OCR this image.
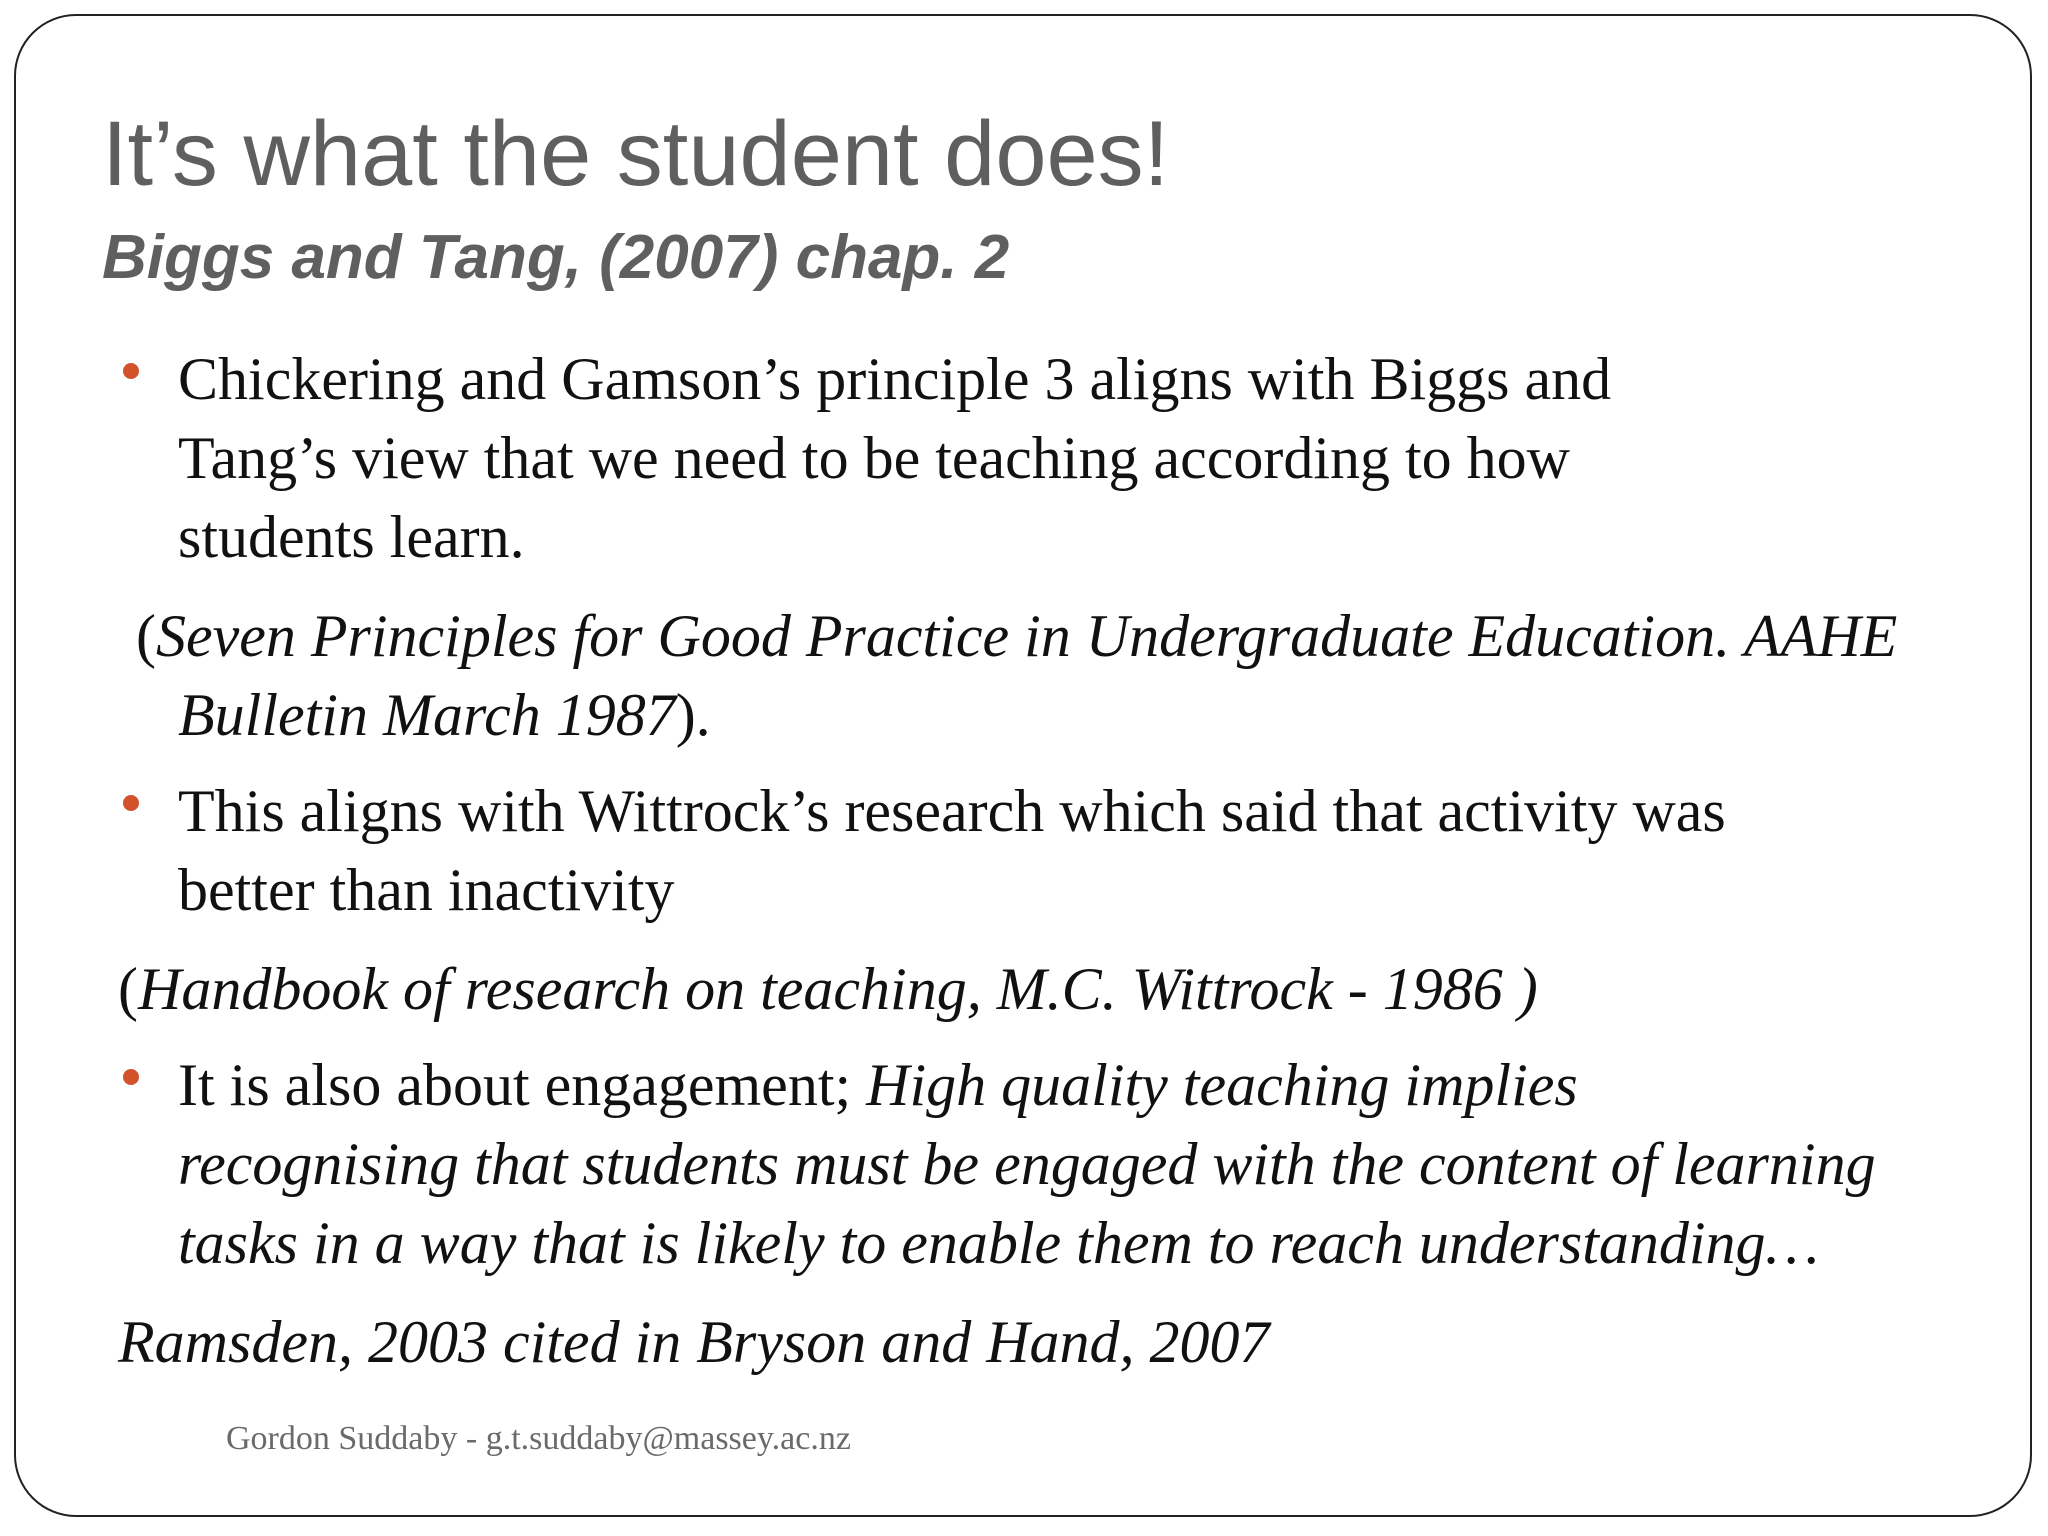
It’s what the student does!
Biggs and Tang, (2007) chap. 2

Chickering and Gamson’s principle 3 aligns with Biggs and

Tang’s view that we need to be teaching according to how

students learn.

(Seven Principles for Good Practice in Undergraduate Education. AAHE

Bulletin March 1987).

This aligns with Wittrock’s research which said that activity was

better than inactivity

(Handbook of research on teaching, M.C. Wittrock - 1986 )

It is also about engagement; High quality teaching implies

recognising that students must be engaged with the content of learning

tasks in a way that is likely to enable them to reach understanding…

Ramsden, 2003 cited in Bryson and Hand, 2007

Gordon Suddaby - g.t.suddaby@massey.ac.nz
